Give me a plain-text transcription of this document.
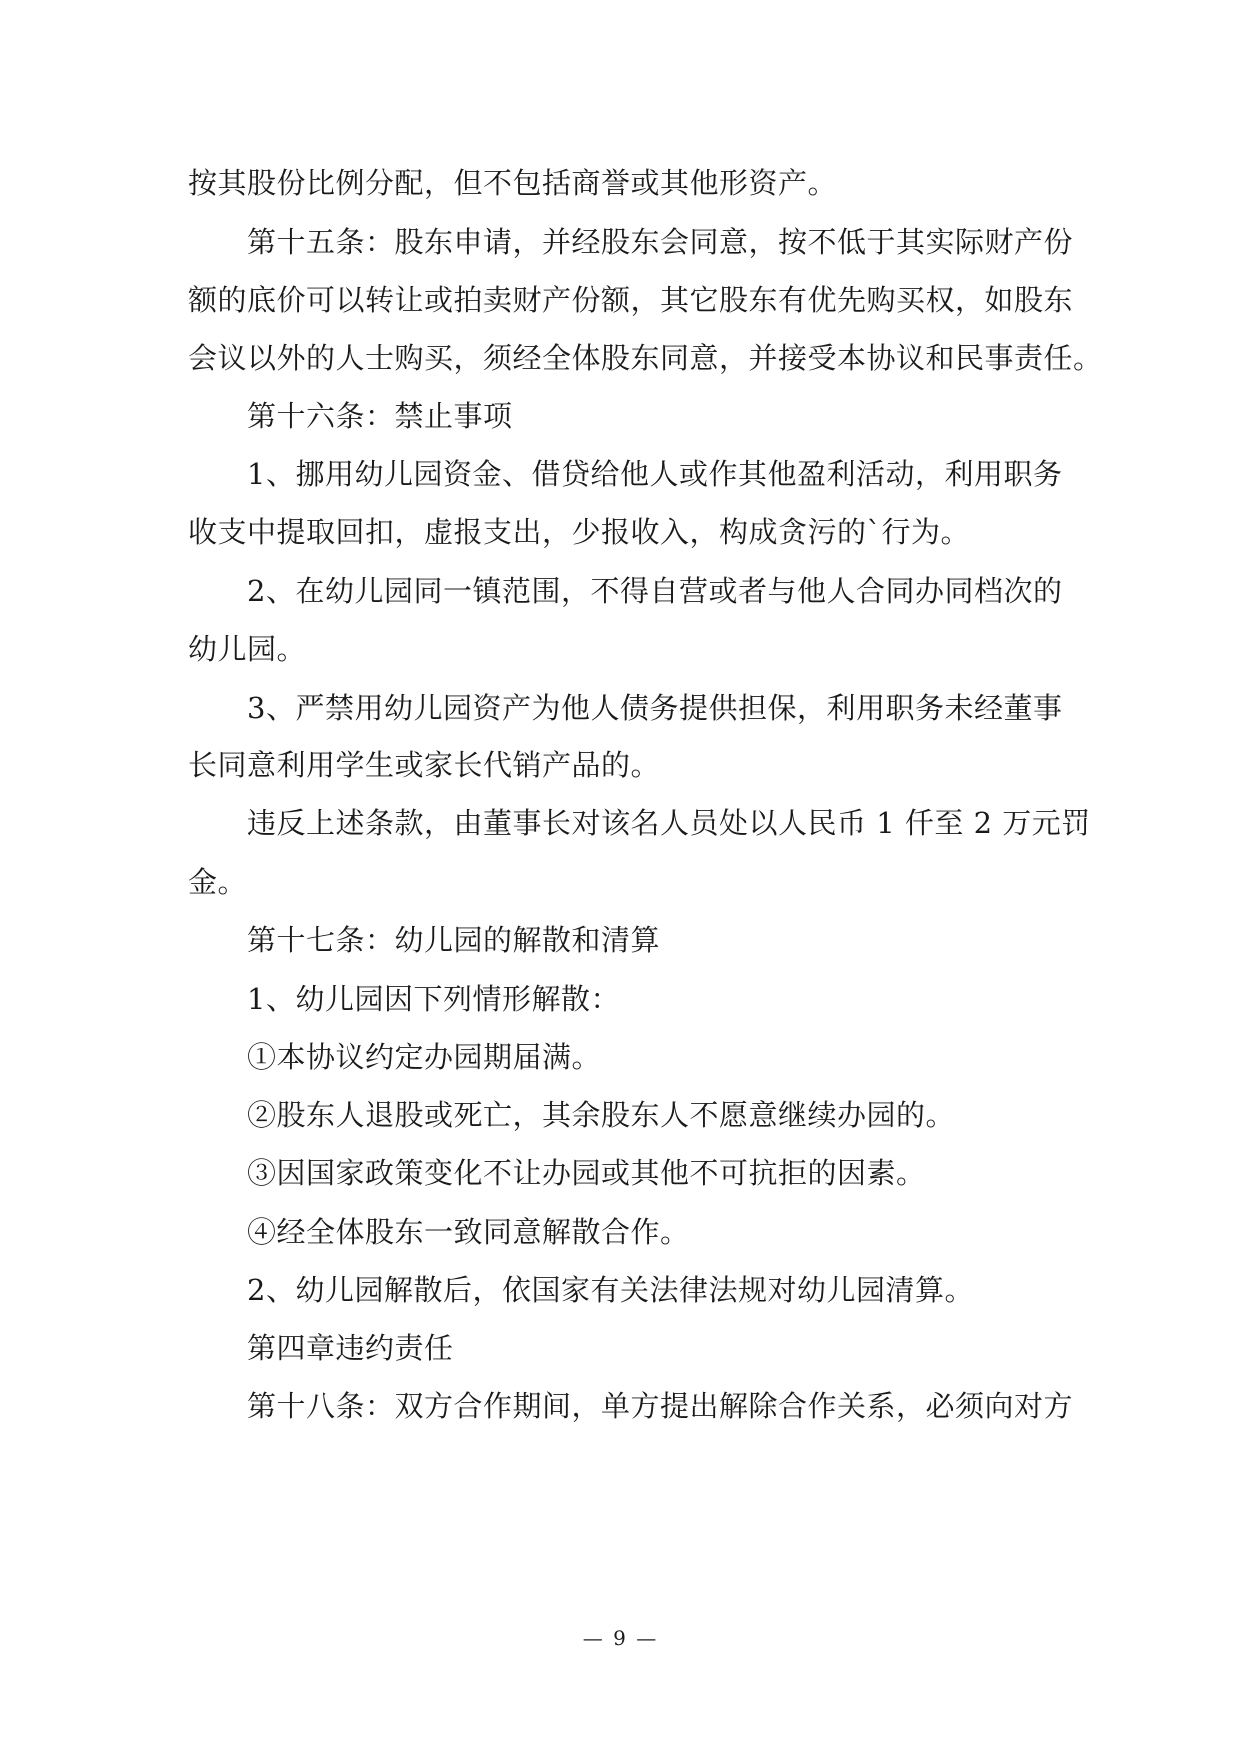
按其股份比例分配，但不包括商誉或其他形资产。
第十五条：股东申请，并经股东会同意，按不低于其实际财产份
额的底价可以转让或拍卖财产份额，其它股东有优先购买权，如股东
会议以外的人士购买，须经全体股东同意，并接受本协议和民事责任。
第十六条：禁止事项
1、挪用幼儿园资金、借贷给他人或作其他盈利活动，利用职务
收支中提取回扣，虚报支出，少报收入，构成贪污的`行为。
2、在幼儿园同一镇范围，不得自营或者与他人合同办同档次的
幼儿园。
3、严禁用幼儿园资产为他人债务提供担保，利用职务未经董事
长同意利用学生或家长代销产品的。
违反上述条款，由董事长对该名人员处以人民币 1 仟至 2 万元罚
金。
第十七条：幼儿园的解散和清算
1、幼儿园因下列情形解散：
①本协议约定办园期届满。
②股东人退股或死亡，其余股东人不愿意继续办园的。
③因国家政策变化不让办园或其他不可抗拒的因素。
④经全体股东一致同意解散合作。
2、幼儿园解散后，依国家有关法律法规对幼儿园清算。
第四章违约责任
第十八条：双方合作期间，单方提出解除合作关系，必须向对方
— 9 —
